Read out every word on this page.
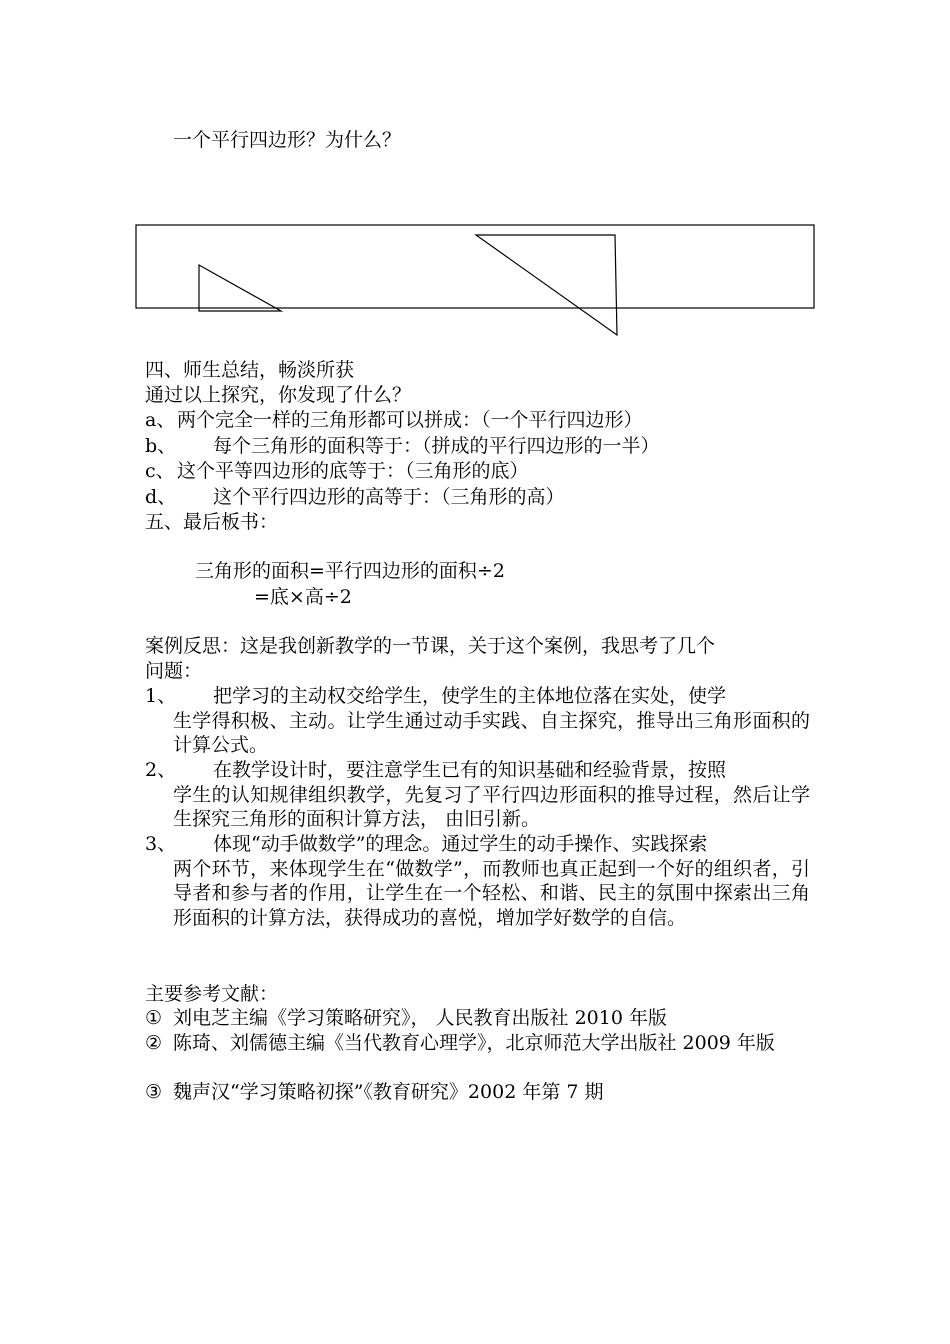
一个平行四边形？为什么？
四、师生总结，畅淡所获
通过以上探究，你发现了什么？
a、 两个完全一样的三角形都可以拼成：（一个平行四边形）
b、 每个三角形的面积等于：（拼成的平行四边形的一半）
c、 这个平等四边形的底等于：（三角形的底）
d、 这个平行四边形的高等于：（三角形的高）
五、最后板书：
三角形的面积=平行四边形的面积÷2
=底×高÷2
案例反思：这是我创新教学的一节课，关于这个案例，我思考了几个
问题：
1、	把学习的主动权交给学生，使学生的主体地位落在实处，使学
生学得积极、主动。让学生通过动手实践、自主探究，推导出三角形面积的计算公式。
2、	在教学设计时，要注意学生已有的知识基础和经验背景，按照
学生的认知规律组织教学，先复习了平行四边形面积的推导过程，然后让学生探究三角形的面积计算方法， 由旧引新。
3、	体现“动手做数学”的理念。通过学生的动手操作、实践探索
两个环节，来体现学生在“做数学”，而教师也真正起到一个好的组织者，引导者和参与者的作用，让学生在一个轻松、和谐、民主的氛围中探索出三角形面积的计算方法，获得成功的喜悦，增加学好数学的自信。
主要参考文献：
① 刘电芝主编《学习策略研究》， 人民教育出版社 2010 年版
② 陈琦、刘儒德主编《当代教育心理学》，北京师范大学出版社 2009 年版
③ 魏声汉“学习策略初探”《教育研究》2002 年第 7 期
